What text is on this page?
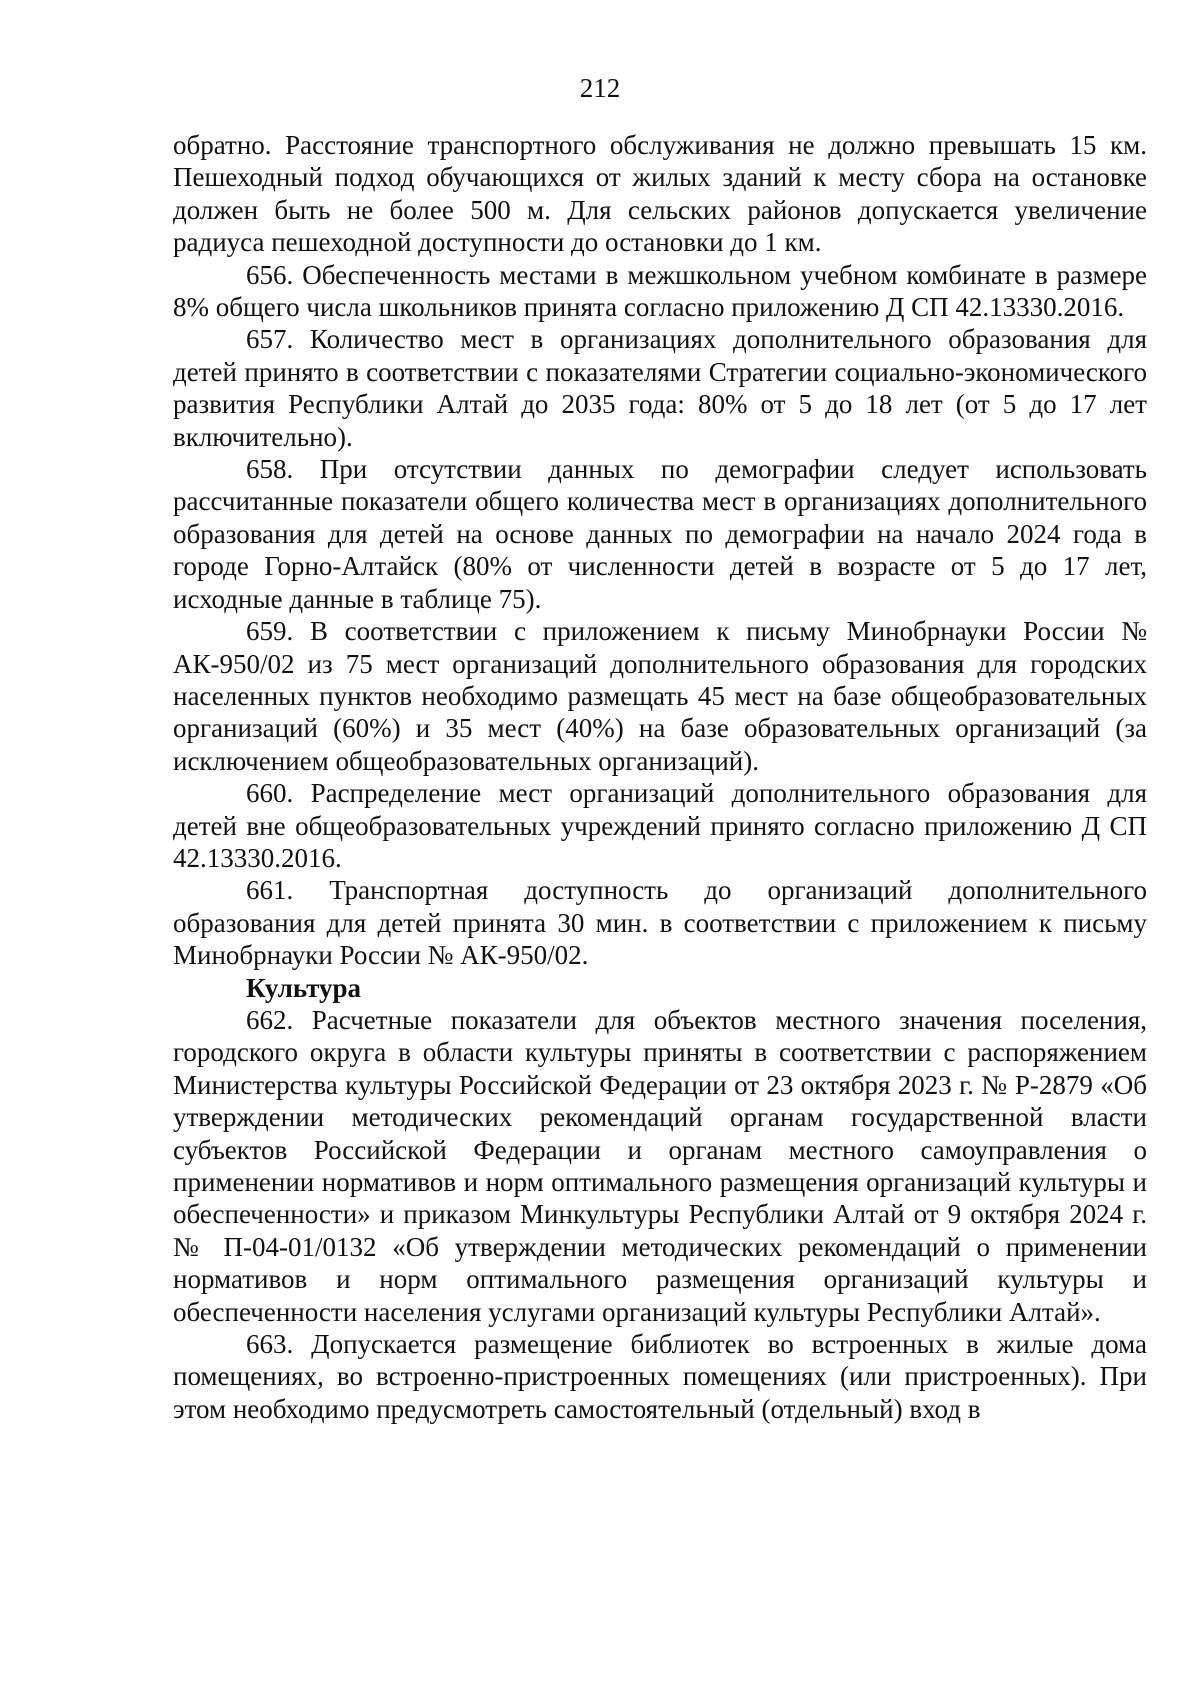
212

обратно. Расстояние транспортного обслуживания не должно превышать 15 км. Пешеходный подход обучающихся от жилых зданий к месту сбора на остановке должен быть не более 500 м. Для сельских районов допускается увеличение радиуса пешеходной доступности до остановки до 1 км.

656. Обеспеченность местами в межшкольном учебном комбинате в размере 8% общего числа школьников принята согласно приложению Д СП 42.13330.2016.

657. Количество мест в организациях дополнительного образования для детей принято в соответствии с показателями Стратегии социально-экономического развития Республики Алтай до 2035 года: 80% от 5 до 18 лет (от 5 до 17 лет включительно).

658. При отсутствии данных по демографии следует использовать рассчитанные показатели общего количества мест в организациях дополнительного образования для детей на основе данных по демографии на начало 2024 года в городе Горно-Алтайск (80% от численности детей в возрасте от 5 до 17 лет, исходные данные в таблице 75).

659. В соответствии с приложением к письму Минобрнауки России № АК-950/02 из 75 мест организаций дополнительного образования для городских населенных пунктов необходимо размещать 45 мест на базе общеобразовательных организаций (60%) и 35 мест (40%) на базе образовательных организаций (за исключением общеобразовательных организаций).

660. Распределение мест организаций дополнительного образования для детей вне общеобразовательных учреждений принято согласно приложению Д СП 42.13330.2016.

661. Транспортная доступность до организаций дополнительного образования для детей принята 30 мин. в соответствии с приложением к письму Минобрнауки России № АК-950/02.

Культура

662. Расчетные показатели для объектов местного значения поселения, городского округа в области культуры приняты в соответствии с распоряжением Министерства культуры Российской Федерации от 23 октября 2023 г. № Р-2879 «Об утверждении методических рекомендаций органам государственной власти субъектов Российской Федерации и органам местного самоуправления о применении нормативов и норм оптимального размещения организаций культуры и обеспеченности» и приказом Минкультуры Республики Алтай от 9 октября 2024 г. № П-04-01/0132 «Об утверждении методических рекомендаций о применении нормативов и норм оптимального размещения организаций культуры и обеспеченности населения услугами организаций культуры Республики Алтай».

663. Допускается размещение библиотек во встроенных в жилые дома помещениях, во встроенно-пристроенных помещениях (или пристроенных). При этом необходимо предусмотреть самостоятельный (отдельный) вход в
